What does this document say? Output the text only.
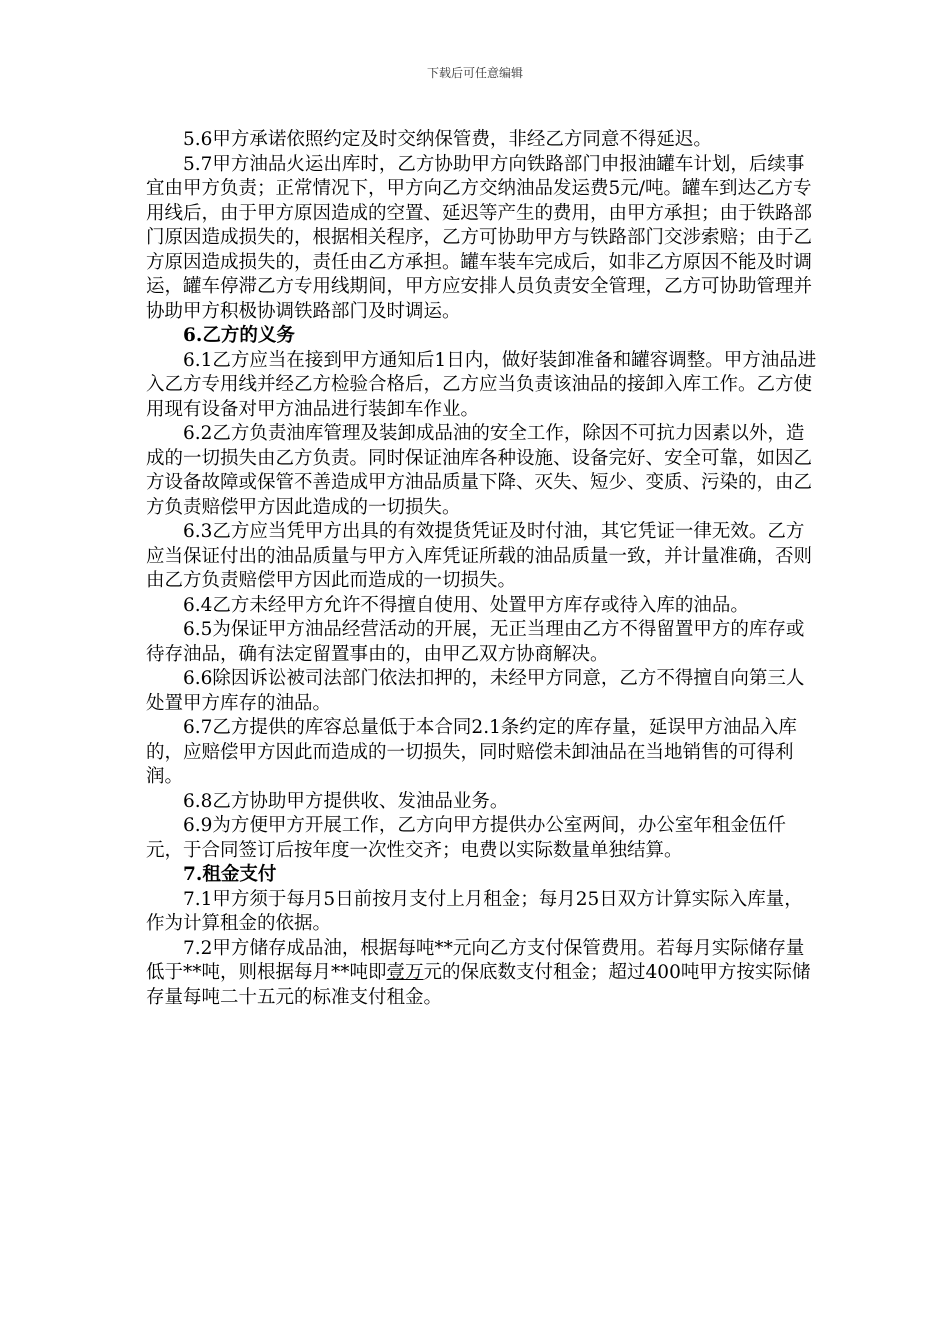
下载后可任意编辑

5.6甲方承诺依照约定及时交纳保管费，非经乙方同意不得延迟。

5.7甲方油品火运出库时，乙方协助甲方向铁路部门申报油罐车计划，后续事宜由甲方负责；正常情况下，甲方向乙方交纳油品发运费5元/吨。罐车到达乙方专用线后，由于甲方原因造成的空置、延迟等产生的费用，由甲方承担；由于铁路部门原因造成损失的，根据相关程序，乙方可协助甲方与铁路部门交涉索赔；由于乙方原因造成损失的，责任由乙方承担。罐车装车完成后，如非乙方原因不能及时调运，罐车停滞乙方专用线期间，甲方应安排人员负责安全管理，乙方可协助管理并协助甲方积极协调铁路部门及时调运。

6.乙方的义务

6.1乙方应当在接到甲方通知后1日内，做好装卸准备和罐容调整。甲方油品进入乙方专用线并经乙方检验合格后，乙方应当负责该油品的接卸入库工作。乙方使用现有设备对甲方油品进行装卸车作业。

6.2乙方负责油库管理及装卸成品油的安全工作，除因不可抗力因素以外，造成的一切损失由乙方负责。同时保证油库各种设施、设备完好、安全可靠，如因乙方设备故障或保管不善造成甲方油品质量下降、灭失、短少、变质、污染的，由乙方负责赔偿甲方因此造成的一切损失。

6.3乙方应当凭甲方出具的有效提货凭证及时付油，其它凭证一律无效。乙方应当保证付出的油品质量与甲方入库凭证所载的油品质量一致，并计量准确，否则由乙方负责赔偿甲方因此而造成的一切损失。

6.4乙方未经甲方允许不得擅自使用、处置甲方库存或待入库的油品。

6.5为保证甲方油品经营活动的开展，无正当理由乙方不得留置甲方的库存或待存油品，确有法定留置事由的，由甲乙双方协商解决。

6.6除因诉讼被司法部门依法扣押的，未经甲方同意，乙方不得擅自向第三人处置甲方库存的油品。

6.7乙方提供的库容总量低于本合同2.1条约定的库存量，延误甲方油品入库的，应赔偿甲方因此而造成的一切损失，同时赔偿未卸油品在当地销售的可得利润。

6.8乙方协助甲方提供收、发油品业务。

6.9为方便甲方开展工作，乙方向甲方提供办公室两间，办公室年租金伍仟元，于合同签订后按年度一次性交齐；电费以实际数量单独结算。

7.租金支付

7.1甲方须于每月5日前按月支付上月租金；每月25日双方计算实际入库量，作为计算租金的依据。

7.2甲方储存成品油，根据每吨**元向乙方支付保管费用。若每月实际储存量低于**吨，则根据每月**吨即壹万元的保底数支付租金；超过400吨甲方按实际储存量每吨二十五元的标准支付租金。
